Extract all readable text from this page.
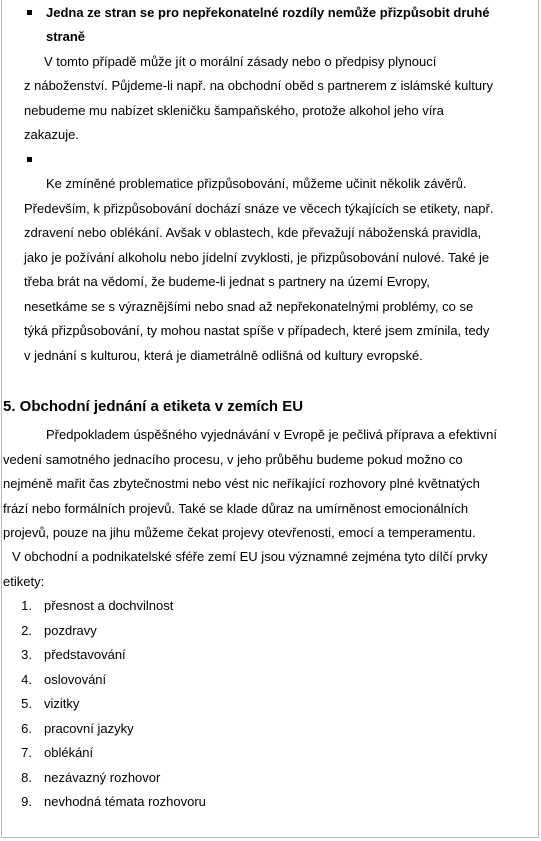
Jedna ze stran se pro nepřekonatelné rozdíly nemůže přizpůsobit druhé
straně
V tomto případě může jít o morální zásady nebo o předpisy plynoucí
z náboženství. Půjdeme-li např. na obchodní oběd s partnerem z islámské kultury
nebudeme mu nabízet skleničku šampaňského, protože alkohol jeho víra
zakazuje.
Ke zmíněné problematice přizpůsobování, můžeme učinit několik závěrů.
Především, k přizpůsobování dochází snáze ve věcech týkajících se etikety, např.
zdravení nebo oblékání. Avšak v oblastech, kde převažují náboženská pravidla,
jako je požívání alkoholu nebo jídelní zvyklosti, je přizpůsobování nulové. Také je
třeba brát na vědomí, že budeme-li jednat s partnery na území Evropy,
nesetkáme se s výraznějšími nebo snad až nepřekonatelnými problémy, co se
týká přizpůsobování, ty mohou nastat spíše v případech, které jsem zmínila, tedy
v jednání s kulturou, která je diametrálně odlišná od kultury evropské.
5. Obchodní jednání a etiketa v zemích EU
Předpokladem úspěšného vyjednávání v Evropě je pečlivá příprava a efektivní
vedení samotného jednacího procesu, v jeho průběhu budeme pokud možno co
nejméně mařit čas zbytečnostmi nebo vést nic neříkající rozhovory plné květnatých
frází nebo formálních projevů. Také se klade důraz na umírněnost emocionálních
projevů, pouze na jihu můžeme čekat projevy otevřenosti, emocí a temperamentu.
V obchodní a podnikatelské sféře zemí EU jsou významné zejména tyto dílčí prvky
etikety:
1. přesnost a dochvilnost
2. pozdravy
3. představování
4. oslovování
5. vizitky
6. pracovní jazyky
7. oblékání
8. nezávazný rozhovor
9. nevhodná témata rozhovoru
